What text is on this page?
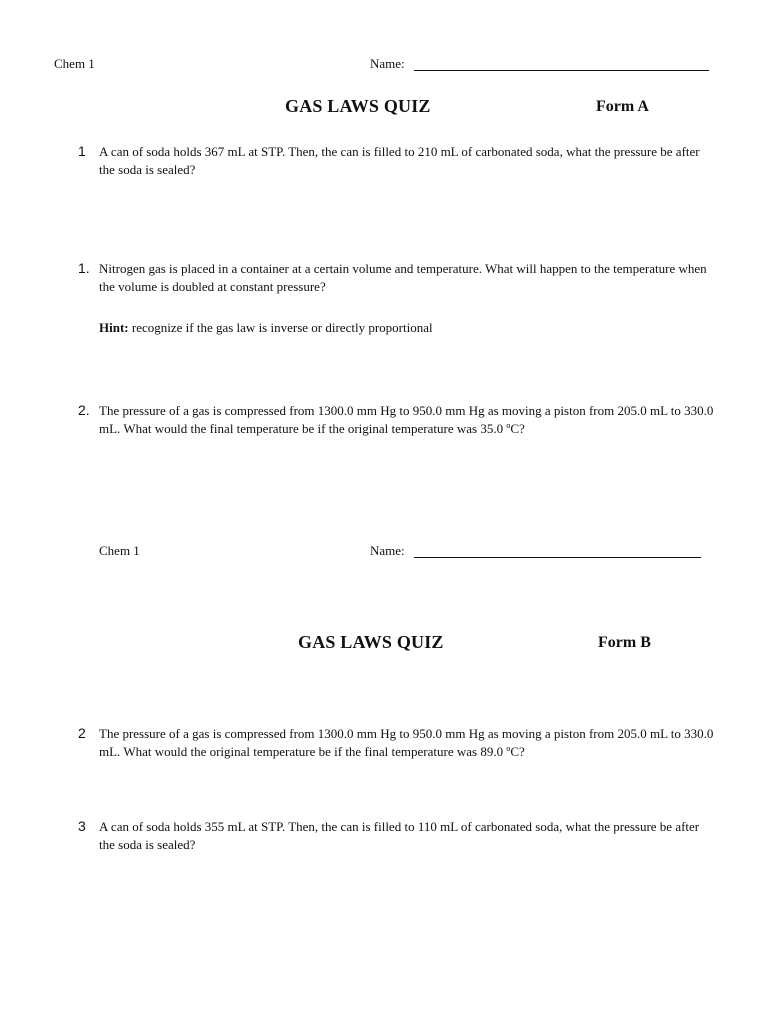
Chem 1	Name:
GAS LAWS QUIZ	Form A
1 A can of soda holds 367 mL at STP. Then, the can is filled to 210 mL of carbonated soda, what the pressure be after the soda is sealed?
1. Nitrogen gas is placed in a container at a certain volume and temperature. What will happen to the temperature when the volume is doubled at constant pressure?
Hint: recognize if the gas law is inverse or directly proportional
2. The pressure of a gas is compressed from 1300.0 mm Hg to 950.0 mm Hg as moving a piston from 205.0 mL to 330.0 mL. What would the final temperature be if the original temperature was 35.0 ºC?
Chem 1	Name:
GAS LAWS QUIZ	Form B
2 The pressure of a gas is compressed from 1300.0 mm Hg to 950.0 mm Hg as moving a piston from 205.0 mL to 330.0 mL. What would the original temperature be if the final temperature was 89.0 ºC?
3 A can of soda holds 355 mL at STP. Then, the can is filled to 110 mL of carbonated soda, what the pressure be after the soda is sealed?
